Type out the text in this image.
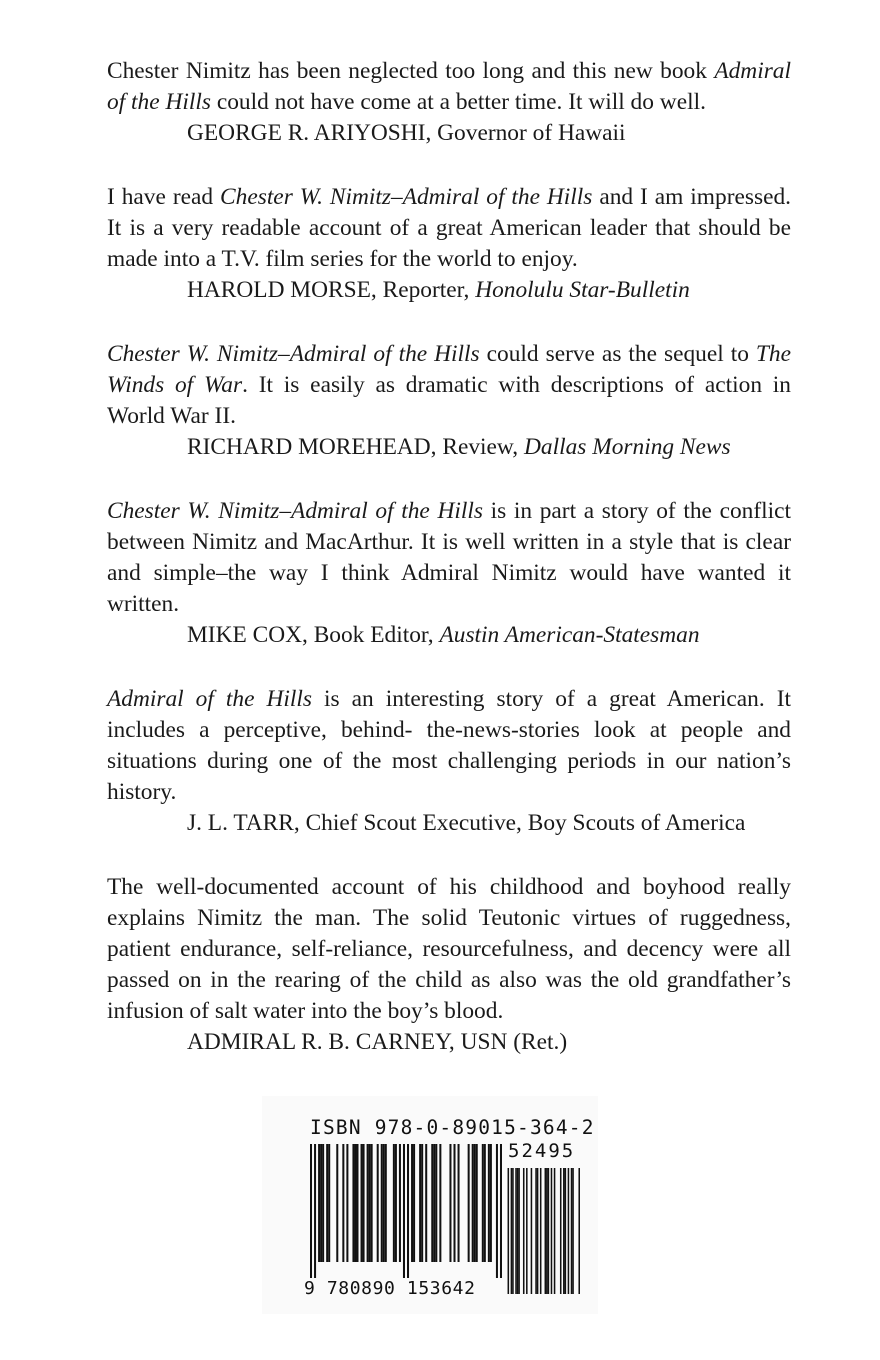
Chester Nimitz has been neglected too long and this new book Admiral of the Hills could not have come at a better time. It will do well.

GEORGE R. ARIYOSHI, Governor of Hawaii

I have read Chester W. Nimitz–Admiral of the Hills and I am impressed. It is a very readable account of a great American leader that should be made into a T.V. film series for the world to enjoy.

HAROLD MORSE, Reporter, Honolulu Star-Bulletin

Chester W. Nimitz–Admiral of the Hills could serve as the sequel to The Winds of War. It is easily as dramatic with descriptions of action in World War II.

RICHARD MOREHEAD, Review, Dallas Morning News

Chester W. Nimitz–Admiral of the Hills is in part a story of the conflict between Nimitz and MacArthur. It is well written in a style that is clear and simple–the way I think Admiral Nimitz would have wanted it written.

MIKE COX, Book Editor, Austin American-Statesman

Admiral of the Hills is an interesting story of a great American. It includes a perceptive, behind- the-news-stories look at people and situations during one of the most challenging periods in our nation’s history.

J. L. TARR, Chief Scout Executive, Boy Scouts of America

The well-documented account of his childhood and boyhood really explains Nimitz the man. The solid Teutonic virtues of ruggedness, patient endurance, self-reliance, resourcefulness, and decency were all passed on in the rearing of the child as also was the old grandfather’s infusion of salt water into the boy’s blood.

ADMIRAL R. B. CARNEY, USN (Ret.)

ISBN 978-0-89015-364-2
52495
9 780890 153642
